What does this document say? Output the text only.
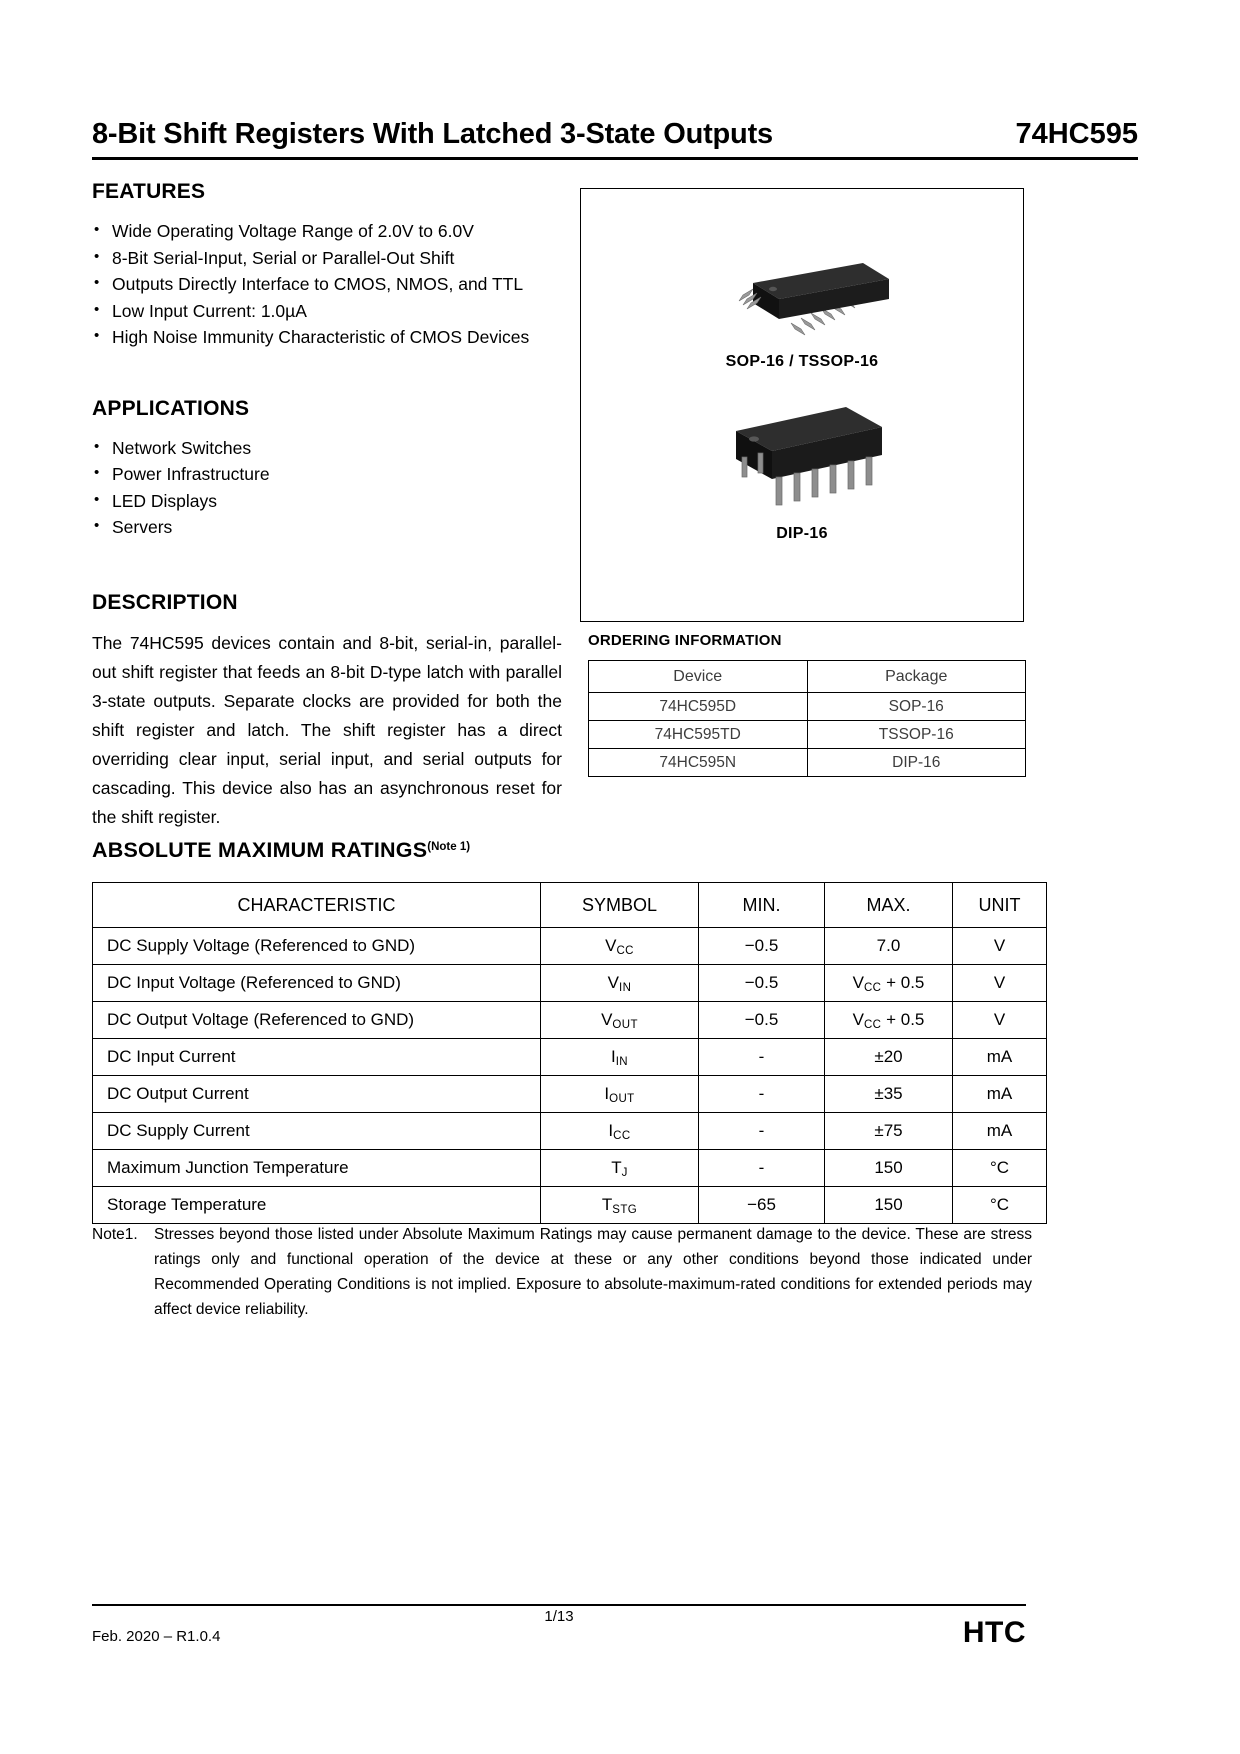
8-Bit Shift Registers With Latched 3-State Outputs	74HC595
FEATURES
• Wide Operating Voltage Range of 2.0V to 6.0V
• 8-Bit Serial-Input, Serial or Parallel-Out Shift
• Outputs Directly Interface to CMOS, NMOS, and TTL
• Low Input Current: 1.0µA
• High Noise Immunity Characteristic of CMOS Devices
APPLICATIONS
• Network Switches
• Power Infrastructure
• LED Displays
• Servers
DESCRIPTION

The 74HC595 devices contain and 8-bit, serial-in, parallel-out shift register that feeds an 8-bit D-type latch with parallel 3-state outputs. Separate clocks are provided for both the shift register and latch. The shift register has a direct overriding clear input, serial input, and serial outputs for cascading. This device also has an asynchronous reset for the shift register.

SOP-16 / TSSOP-16
DIP-16
ORDERING INFORMATION
Device	Package
74HC595D	SOP-16
74HC595TD	TSSOP-16
74HC595N	DIP-16
ABSOLUTE MAXIMUM RATINGS$^{(Note 1)}$
CHARACTERISTIC	SYMBOL	MIN.	MAX.	UNIT
DC Supply Voltage (Referenced to GND)	$V_{CC}$	−0.5	7.0	V
DC Input Voltage (Referenced to GND)	$V_{IN}$	−0.5	$V_{CC} + 0.5$	V
DC Output Voltage (Referenced to GND)	$V_{OUT}$	−0.5	$V_{CC} + 0.5$	V
DC Input Current	$I_{IN}$	-	±20	mA
DC Output Current	$I_{OUT}$	-	±35	mA
DC Supply Current	$I_{CC}$	-	±75	mA
Maximum Junction Temperature	$T_J$	-	150	°C
Storage Temperature	$T_{STG}$	−65	150	°C
Note1.	Stresses beyond those listed under Absolute Maximum Ratings may cause permanent damage to the device. These are stress ratings only and functional operation of the device at these or any other conditions beyond those indicated under Recommended Operating Conditions is not implied. Exposure to absolute-maximum-rated conditions for extended periods may affect device reliability.
1/13
Feb. 2020 – R1.0.4	HTC
